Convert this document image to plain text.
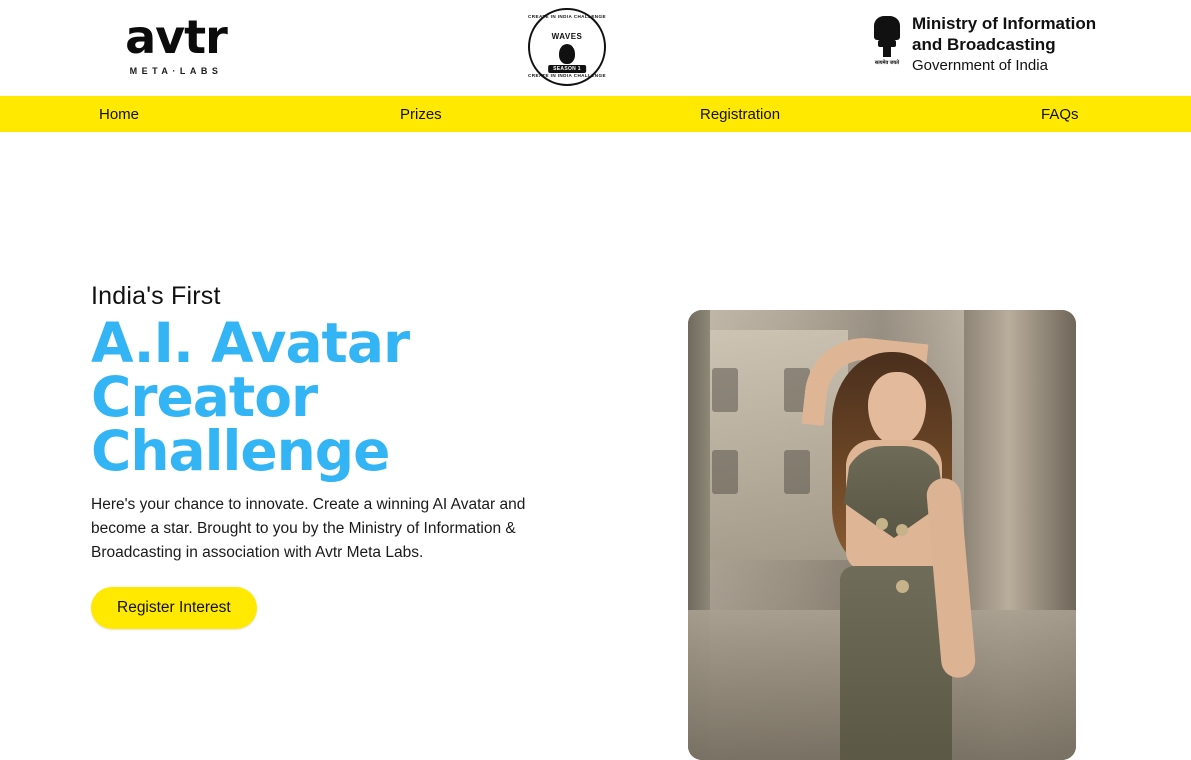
avtr
META·LABS
CREATE IN INDIA CHALLENGE
WAVES
SEASON 1
CREATE IN INDIA CHALLENGE
सत्यमेव जयते
Ministry of Information
and Broadcasting
Government of India
Home	Prizes	Registration	FAQs

India's First

A.I. Avatar
Creator Challenge

Here's your chance to innovate. Create a winning AI Avatar and become a star. Brought to you by the Ministry of Information & Broadcasting in association with Avtr Meta Labs.

Register Interest
